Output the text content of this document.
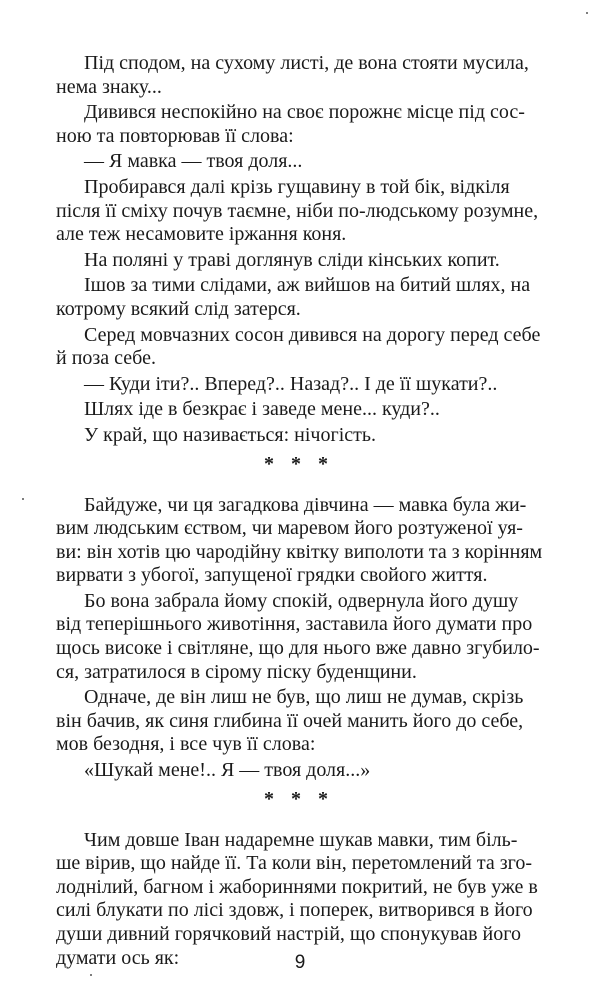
Під сподом, на сухому листі, де вона стояти мусила,
нема знаку...
Дивився неспокійно на своє порожнє місце під сос-
ною та повторював її слова:
— Я мавка — твоя доля...
Пробирався далі крізь гущавину в той бік, відкіля
після її сміху почув таємне, ніби по-людському розумне,
але теж несамовите іржання коня.
На поляні у траві доглянув сліди кінських копит.
Ішов за тими слідами, аж вийшов на битий шлях, на
котрому всякий слід затерся.
Серед мовчазних сосон дивився на дорогу перед себе
й поза себе.
— Куди іти?.. Вперед?.. Назад?.. І де її шукати?..
Шлях іде в безкрає і заведе мене... куди?..
У край, що називається: нічогість.
* * *
Байдуже, чи ця загадкова дівчина — мавка була жи-
вим людським єством, чи маревом його розтуженої уя-
ви: він хотів цю чародійну квітку виполоти та з корінням
вирвати з убогої, запущеної грядки свойого життя.
Бо вона забрала йому спокій, одвернула його душу
від теперішнього животіння, заставила його думати про
щось високе і світляне, що для нього вже давно згубило-
ся, затратилося в сірому піску буденщини.
Одначе, де він лиш не був, що лиш не думав, скрізь
він бачив, як синя глибина її очей манить його до себе,
мов безодня, і все чув її слова:
«Шукай мене!.. Я — твоя доля...»
* * *
Чим довше Іван надаремне шукав мавки, тим біль-
ше вірив, що найде її. Та коли він, перетомлений та зго-
лоднілий, багном і жабориннями покритий, не був уже в
силі блукати по лісі здовж, і поперек, витворився в його
души дивний горячковий настрій, що спонукував його
думати ось як:	9
